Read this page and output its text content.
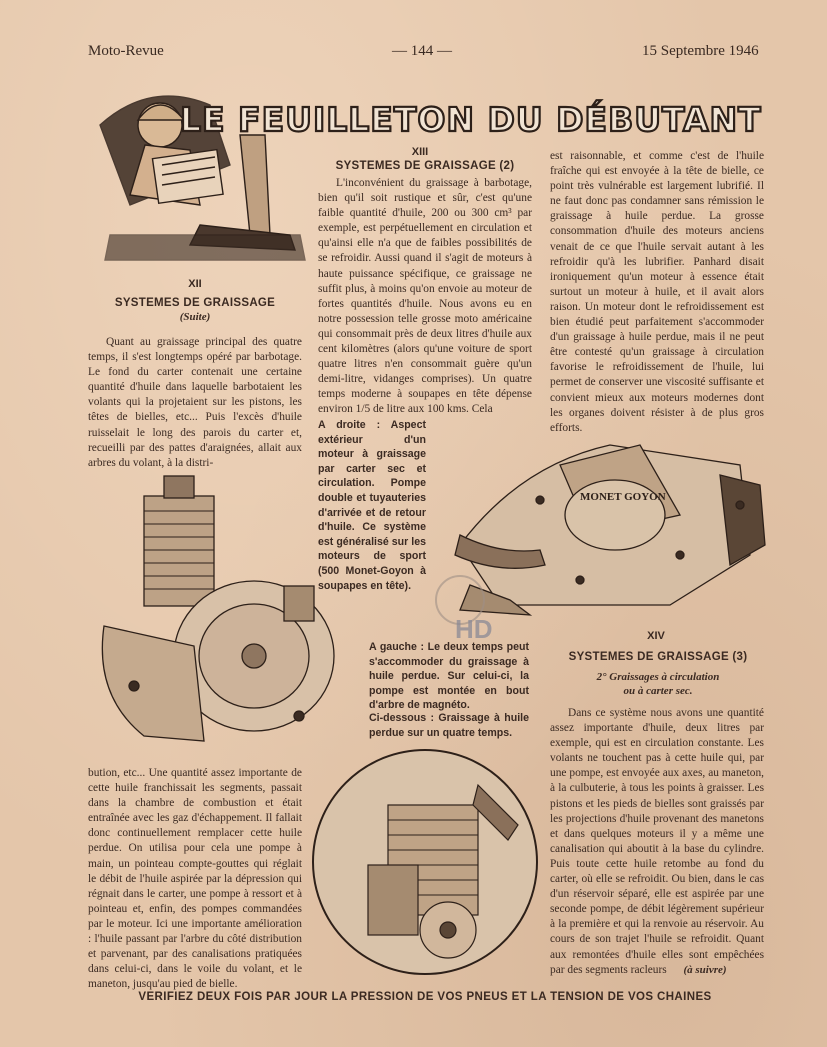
Moto-Revue	— 144 —	15 Septembre 1946
LE FEUILLETON DU DÉBUTANT
XII
SYSTEMES DE GRAISSAGE
(Suite)

Quant au graissage principal des quatre temps, il s'est longtemps opéré par barbotage. Le fond du carter contenait une certaine quantité d'huile dans laquelle barbotaient les volants qui la projetaient sur les pistons, les têtes de bielles, etc... Puis l'excès d'huile ruisselait le long des parois du carter et, recueilli par des pattes d'araignées, allait aux arbres du volant, à la distri-

XIII
SYSTEMES DE GRAISSAGE (2)

L'inconvénient du graissage à barbotage, bien qu'il soit rustique et sûr, c'est qu'une faible quantité d'huile, 200 ou 300 cm³ par exemple, est perpétuellement en circulation et qu'ainsi elle n'a que de faibles possibilités de se refroidir. Aussi quand il s'agit de moteurs à haute puissance spécifique, ce graissage ne suffit plus, à moins qu'on envoie au moteur de fortes quantités d'huile. Nous avons eu en notre possession telle grosse moto américaine qui consommait près de deux litres d'huile aux cent kilomètres (alors qu'une voiture de sport quatre litres n'en consommait guère qu'un demi-litre, vidanges comprises). Un quatre temps moderne à soupapes en tête dépense environ 1/5 de litre aux 100 kms. Cela

est raisonnable, et comme c'est de l'huile fraîche qui est envoyée à la tête de bielle, ce point très vulnérable est largement lubrifié. Il ne faut donc pas condamner sans rémission le graissage à huile perdue. La grosse consommation d'huile des moteurs anciens venait de ce que l'huile servait autant à les refroidir qu'à les lubrifier. Panhard disait ironiquement qu'un moteur à essence était surtout un moteur à huile, et il avait alors raison. Un moteur dont le refroidissement est bien étudié peut parfaitement s'accommoder d'un graissage à huile perdue, mais il ne peut être contesté qu'un graissage à circulation favorise le refroidissement de l'huile, lui permet de conserver une viscosité suffisante et convient mieux aux moteurs modernes dont les organes doivent résister à de plus gros efforts.

A droite : Aspect extérieur d'un moteur à graissage par carter sec et circulation. Pompe double et tuyauteries d'arrivée et de retour d'huile. Ce système est généralisé sur les moteurs de sport (500 Monet-Goyon à soupapes en tête).
MONET GOYON
HD
A gauche : Le deux temps peut s'accommoder du graissage à huile perdue. Sur celui-ci, la pompe est montée en bout d'arbre de magnéto.
Ci-dessous : Graissage à huile perdue sur un quatre temps.

bution, etc... Une quantité assez importante de cette huile franchissait les segments, passait dans la chambre de combustion et était entraînée avec les gaz d'échappement. Il fallait donc continuellement remplacer cette huile perdue. On utilisa pour cela une pompe à main, un pointeau compte-gouttes qui réglait le débit de l'huile aspirée par la dépression qui régnait dans le carter, une pompe à ressort et à pointeau et, enfin, des pompes commandées par le moteur. Ici une importante amélioration : l'huile passant par l'arbre du côté distribution et parvenant, par des canalisations pratiquées dans celui-ci, dans le voile du volant, et le maneton, jusqu'au pied de bielle.

XIV
SYSTEMES DE GRAISSAGE (3)
2° Graissages à circulation
ou à carter sec.

Dans ce système nous avons une quantité assez importante d'huile, deux litres par exemple, qui est en circulation constante. Les volants ne touchent pas à cette huile qui, par une pompe, est envoyée aux axes, au maneton, à la culbuterie, à tous les points à graisser. Les pistons et les pieds de bielles sont graissés par les projections d'huile provenant des manetons et dans quelques moteurs il y a même une canalisation qui aboutit à la base du cylindre. Puis toute cette huile retombe au fond du carter, où elle se refroidit. Ou bien, dans le cas d'un réservoir séparé, elle est aspirée par une seconde pompe, de débit légèrement supérieur à la première et qui la renvoie au réservoir. Au cours de son trajet l'huile se refroidit. Quant aux remontées d'huile elles sont empêchées par des segments racleurs	(à suivre)
VERIFIEZ DEUX FOIS PAR JOUR LA PRESSION DE VOS PNEUS ET LA TENSION DE VOS CHAINES
